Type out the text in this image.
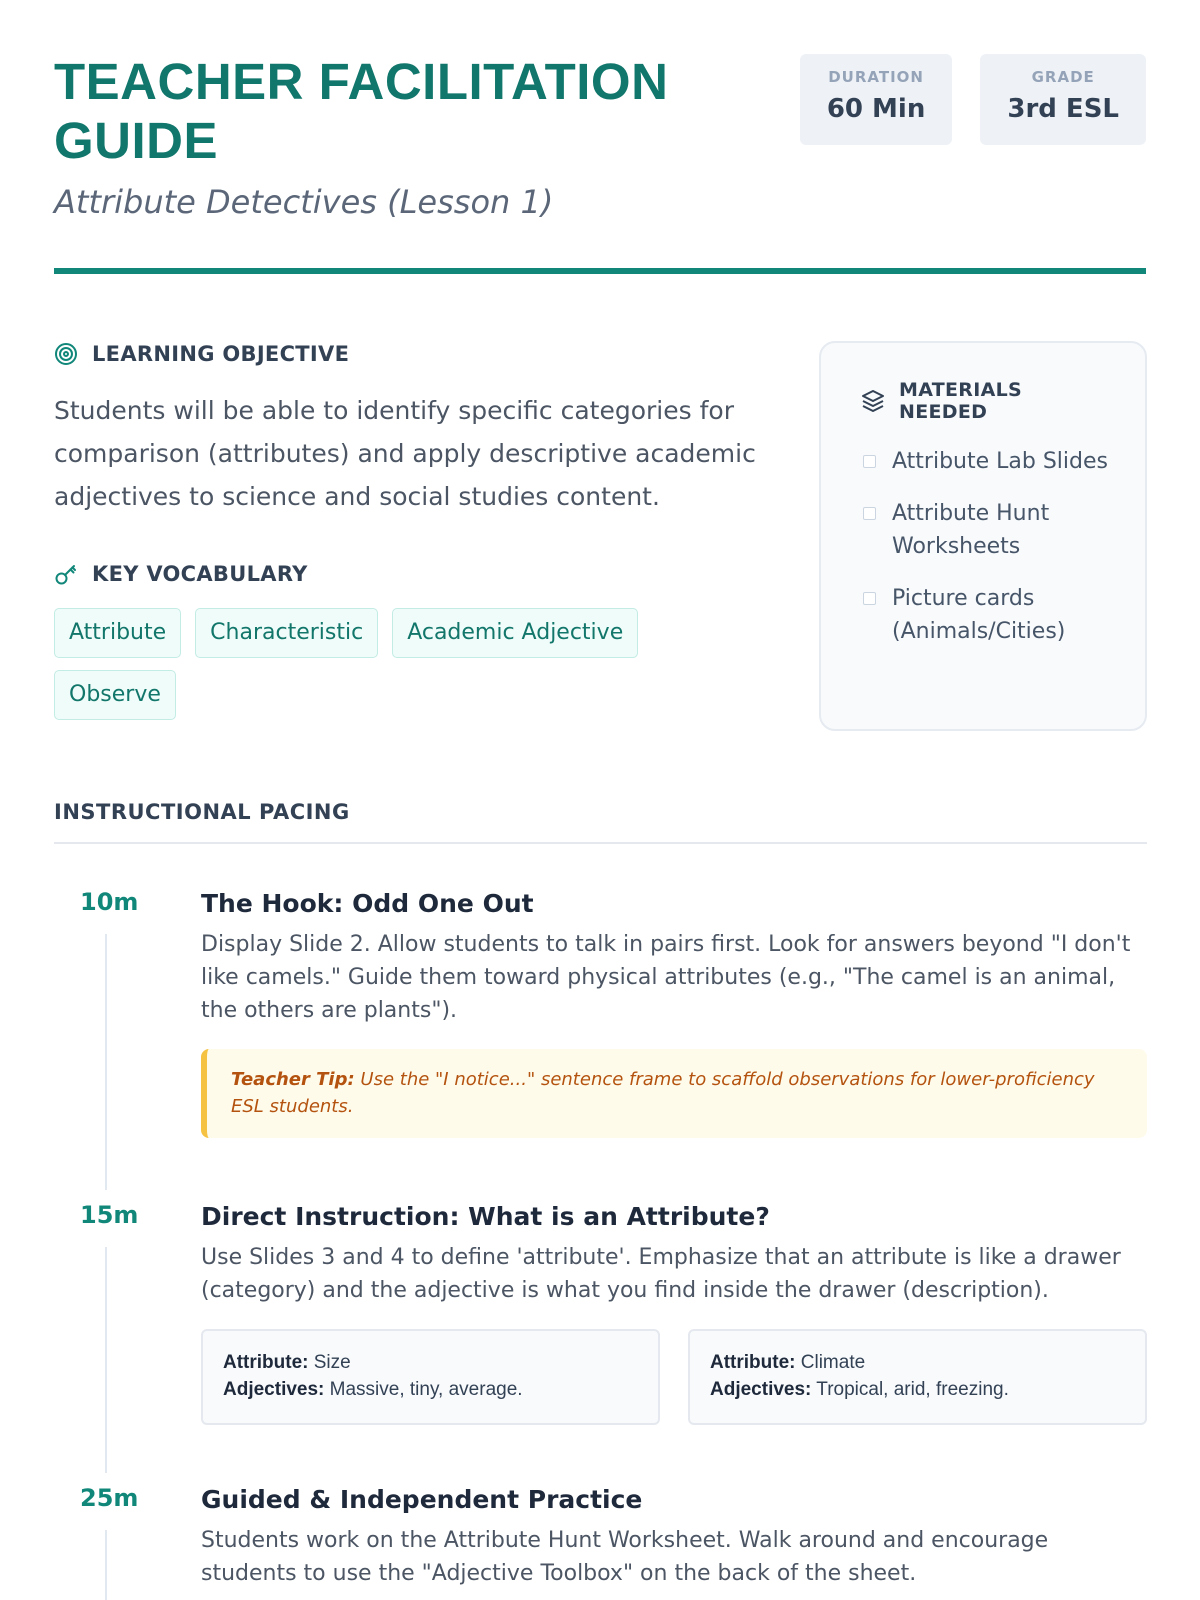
TEACHER FACILITATION GUIDE
Attribute Detectives (Lesson 1)
DURATION
60 Min
GRADE
3rd ESL
LEARNING OBJECTIVE

Students will be able to identify specific categories for comparison (attributes) and apply descriptive academic adjectives to science and social studies content.

KEY VOCABULARY
Attribute	Characteristic	Academic Adjective
Observe
MATERIALS NEEDED
Attribute Lab Slides
Attribute Hunt Worksheets
Picture cards (Animals/Cities)
INSTRUCTIONAL PACING
10m	The Hook: Odd One Out

Display Slide 2. Allow students to talk in pairs first. Look for answers beyond "I don't like camels." Guide them toward physical attributes (e.g., "The camel is an animal, the others are plants").

Teacher Tip: Use the "I notice..." sentence frame to scaffold observations for lower-proficiency ESL students.
15m	Direct Instruction: What is an Attribute?

Use Slides 3 and 4 to define 'attribute'. Emphasize that an attribute is like a drawer (category) and the adjective is what you find inside the drawer (description).

Attribute: Size
Adjectives: Massive, tiny, average.
Attribute: Climate
Adjectives: Tropical, arid, freezing.
25m	Guided & Independent Practice

Students work on the Attribute Hunt Worksheet. Walk around and encourage students to use the "Adjective Toolbox" on the back of the sheet.
